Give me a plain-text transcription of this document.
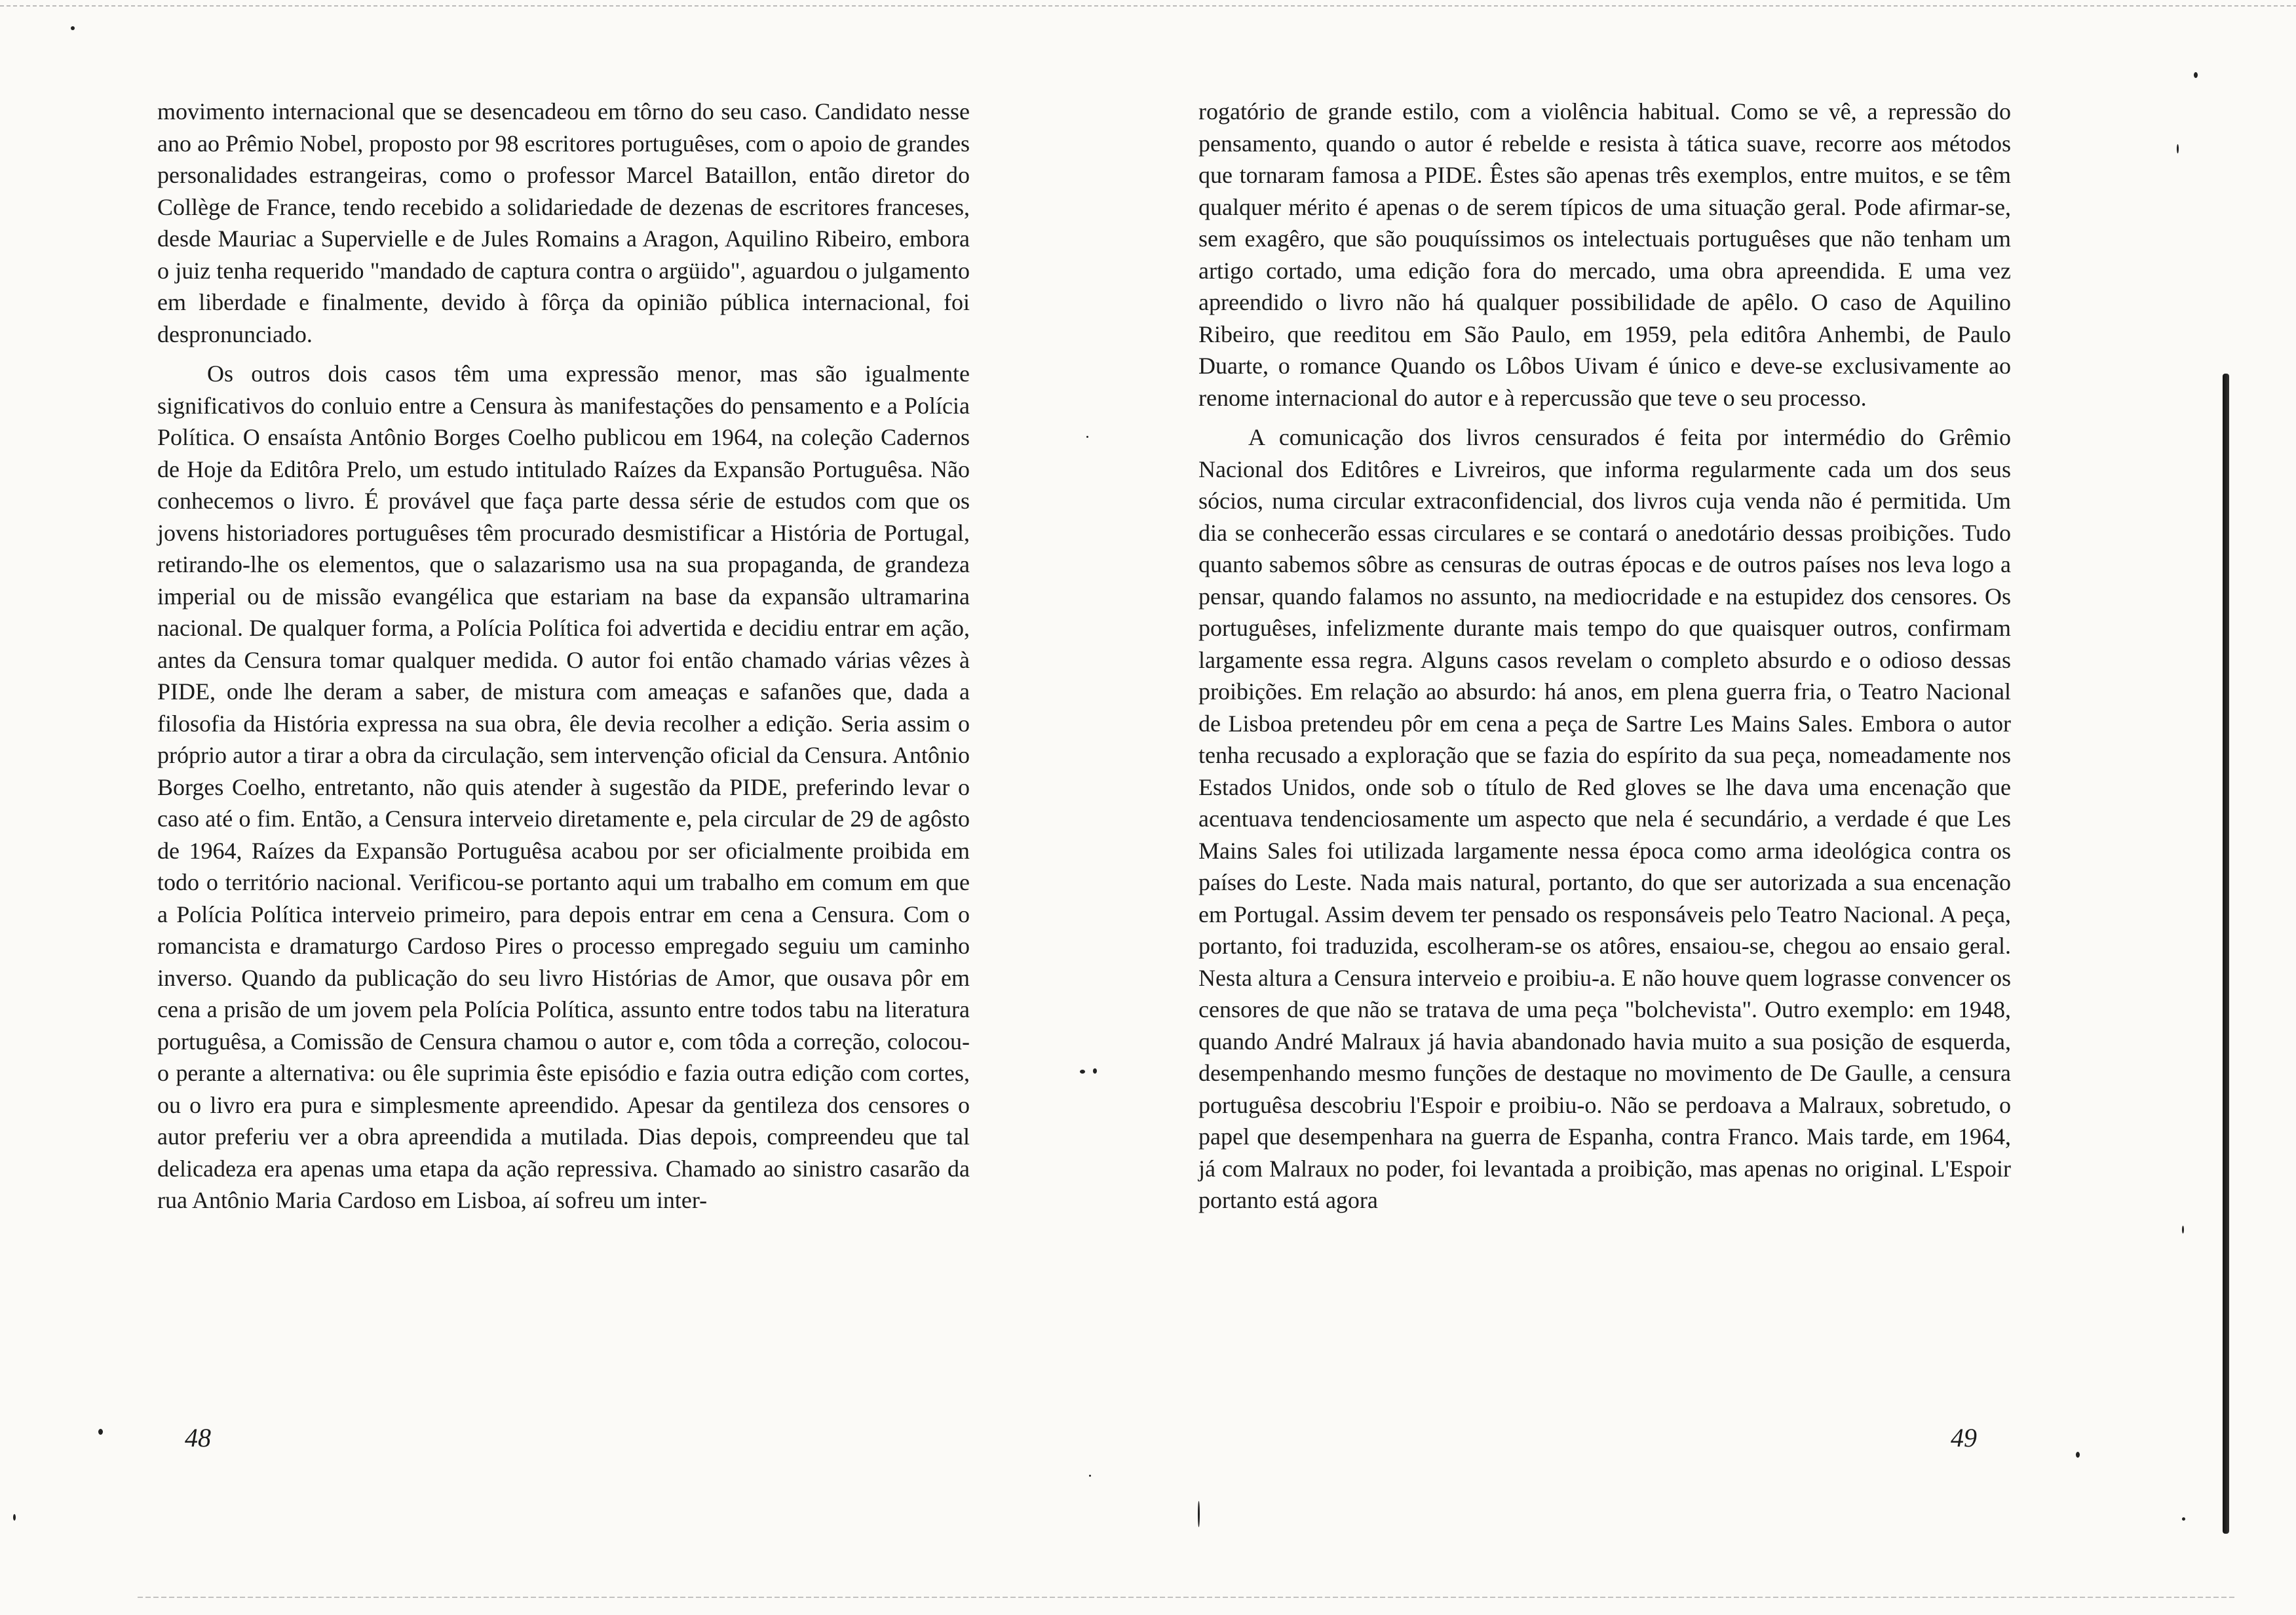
movimento internacional que se desencadeou em tôrno do seu caso. Candidato nesse ano ao Prêmio Nobel, proposto por 98 escritores portuguêses, com o apoio de grandes personalidades estrangeiras, como o professor Marcel Bataillon, então diretor do Collège de France, tendo recebido a solidariedade de dezenas de escritores franceses, desde Mauriac a Supervielle e de Jules Romains a Aragon, Aquilino Ribeiro, embora o juiz tenha requerido "mandado de captura contra o argüido", aguardou o julgamento em liberdade e finalmente, devido à fôrça da opinião pública internacional, foi despronunciado.

Os outros dois casos têm uma expressão menor, mas são igualmente significativos do conluio entre a Censura às manifestações do pensamento e a Polícia Política. O ensaísta Antônio Borges Coelho publicou em 1964, na coleção Cadernos de Hoje da Editôra Prelo, um estudo intitulado Raízes da Expansão Portuguêsa. Não conhecemos o livro. É provável que faça parte dessa série de estudos com que os jovens historiadores portuguêses têm procurado desmistificar a História de Portugal, retirando-lhe os elementos, que o salazarismo usa na sua propaganda, de grandeza imperial ou de missão evangélica que estariam na base da expansão ultramarina nacional. De qualquer forma, a Polícia Política foi advertida e decidiu entrar em ação, antes da Censura tomar qualquer medida. O autor foi então chamado várias vêzes à PIDE, onde lhe deram a saber, de mistura com ameaças e safanões que, dada a filosofia da História expressa na sua obra, êle devia recolher a edição. Seria assim o próprio autor a tirar a obra da circulação, sem intervenção oficial da Censura. Antônio Borges Coelho, entretanto, não quis atender à sugestão da PIDE, preferindo levar o caso até o fim. Então, a Censura interveio diretamente e, pela circular de 29 de agôsto de 1964, Raízes da Expansão Portuguêsa acabou por ser oficialmente proibida em todo o território nacional. Verificou-se portanto aqui um trabalho em comum em que a Polícia Política interveio primeiro, para depois entrar em cena a Censura. Com o romancista e dramaturgo Cardoso Pires o processo empregado seguiu um caminho inverso. Quando da publicação do seu livro Histórias de Amor, que ousava pôr em cena a prisão de um jovem pela Polícia Política, assunto entre todos tabu na literatura portuguêsa, a Comissão de Censura chamou o autor e, com tôda a correção, colocou-o perante a alternativa: ou êle suprimia êste episódio e fazia outra edição com cortes, ou o livro era pura e simplesmente apreendido. Apesar da gentileza dos censores o autor preferiu ver a obra apreendida a mutilada. Dias depois, compreendeu que tal delicadeza era apenas uma etapa da ação repressiva. Chamado ao sinistro casarão da rua Antônio Maria Cardoso em Lisboa, aí sofreu um inter-

48

rogatório de grande estilo, com a violência habitual. Como se vê, a repressão do pensamento, quando o autor é rebelde e resista à tática suave, recorre aos métodos que tornaram famosa a PIDE. Êstes são apenas três exemplos, entre muitos, e se têm qualquer mérito é apenas o de serem típicos de uma situação geral. Pode afirmar-se, sem exagêro, que são pouquíssimos os intelectuais portuguêses que não tenham um artigo cortado, uma edição fora do mercado, uma obra apreendida. E uma vez apreendido o livro não há qualquer possibilidade de apêlo. O caso de Aquilino Ribeiro, que reeditou em São Paulo, em 1959, pela editôra Anhembi, de Paulo Duarte, o romance Quando os Lôbos Uivam é único e deve-se exclusivamente ao renome internacional do autor e à repercussão que teve o seu processo.

A comunicação dos livros censurados é feita por intermédio do Grêmio Nacional dos Editôres e Livreiros, que informa regularmente cada um dos seus sócios, numa circular extraconfidencial, dos livros cuja venda não é permitida. Um dia se conhecerão essas circulares e se contará o anedotário dessas proibições. Tudo quanto sabemos sôbre as censuras de outras épocas e de outros países nos leva logo a pensar, quando falamos no assunto, na mediocridade e na estupidez dos censores. Os portuguêses, infelizmente durante mais tempo do que quaisquer outros, confirmam largamente essa regra. Alguns casos revelam o completo absurdo e o odioso dessas proibições. Em relação ao absurdo: há anos, em plena guerra fria, o Teatro Nacional de Lisboa pretendeu pôr em cena a peça de Sartre Les Mains Sales. Embora o autor tenha recusado a exploração que se fazia do espírito da sua peça, nomeadamente nos Estados Unidos, onde sob o título de Red gloves se lhe dava uma encenação que acentuava tendenciosamente um aspecto que nela é secundário, a verdade é que Les Mains Sales foi utilizada largamente nessa época como arma ideológica contra os países do Leste. Nada mais natural, portanto, do que ser autorizada a sua encenação em Portugal. Assim devem ter pensado os responsáveis pelo Teatro Nacional. A peça, portanto, foi traduzida, escolheram-se os atôres, ensaiou-se, chegou ao ensaio geral. Nesta altura a Censura interveio e proibiu-a. E não houve quem lograsse convencer os censores de que não se tratava de uma peça "bolchevista". Outro exemplo: em 1948, quando André Malraux já havia abandonado havia muito a sua posição de esquerda, desempenhando mesmo funções de destaque no movimento de De Gaulle, a censura portuguêsa descobriu l'Espoir e proibiu-o. Não se perdoava a Malraux, sobretudo, o papel que desempenhara na guerra de Espanha, contra Franco. Mais tarde, em 1964, já com Malraux no poder, foi levantada a proibição, mas apenas no original. L'Espoir portanto está agora

49
